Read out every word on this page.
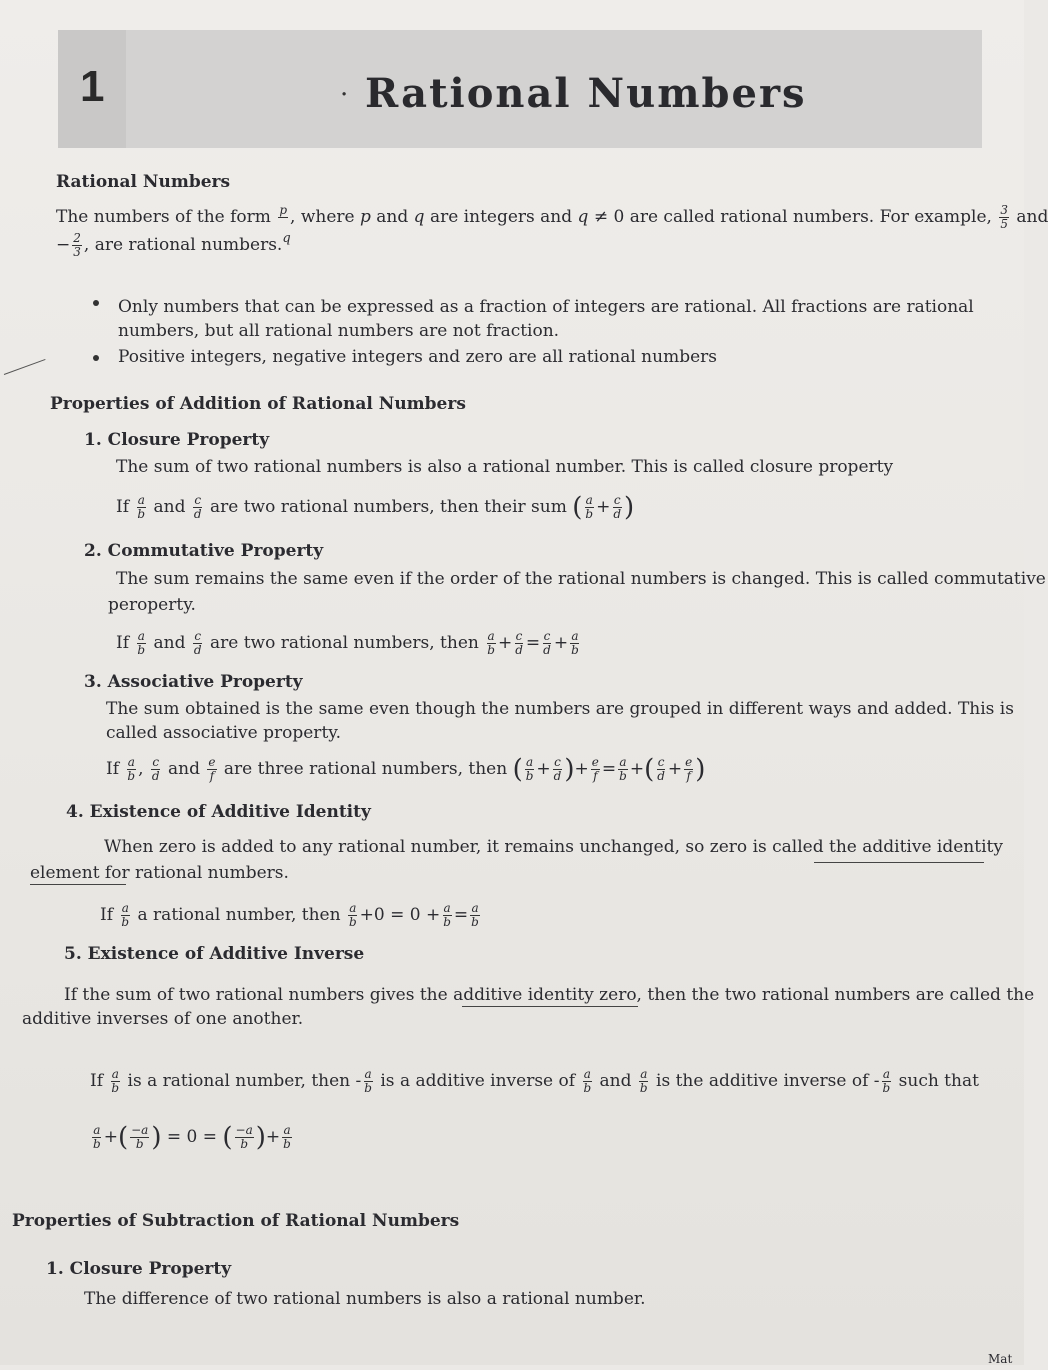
1	· Rational Numbers
Rational Numbers
The numbers of the form p
, where p and q are integers and q ≠ 0 are called rational numbers. For example, $\frac{3}{5}$ and
− $\frac{2}{3}$ , are rational numbers.$^q$
Only numbers that can be expressed as a fraction of integers are rational. All fractions are rational
numbers, but all rational numbers are not fraction.
Positive integers, negative integers and zero are all rational numbers
Properties of Addition of Rational Numbers
1. Closure Property
The sum of two rational numbers is also a rational number. This is called closure property
If $\frac{a}{b}$ and $\frac{c}{d}$ are two rational numbers, then their sum ( $\frac{a}{b} + \frac{c}{d}$ )
2. Commutative Property
The sum remains the same even if the order of the rational numbers is changed. This is called commutative
peroperty.
If $\frac{a}{b}$ and $\frac{c}{d}$ are two rational numbers, then $\frac{a}{b} + \frac{c}{d} = \frac{c}{d} + \frac{a}{b}$
3. Associative Property
The sum obtained is the same even though the numbers are grouped in different ways and added. This is
called associative property.
If $\frac{a}{b}$ , $\frac{c}{d}$ and $\frac{e}{f}$ are three rational numbers, then ( $\frac{a}{b} + \frac{c}{d}$ )+ $\frac{e}{f} = \frac{a}{b}$ +( $\frac{c}{d} + \frac{e}{f}$ )
4. Existence of Additive Identity
When zero is added to any rational number, it remains unchanged, so zero is called the additive identity
element for rational numbers.
If $\frac{a}{b}$ a rational number, then $\frac{a}{b} +0 = 0 + \frac{a}{b} = \frac{a}{b}$
5. Existence of Additive Inverse
If the sum of two rational numbers gives the additive identity zero, then the two rational numbers are called the
additive inverses of one another.
If $\frac{a}{b}$ is a rational number, then - $\frac{a}{b}$ is a additive inverse of $\frac{a}{b}$ and $\frac{a}{b}$ is the additive inverse of - $\frac{a}{b}$ such that
$\frac{a}{b}$ +( $\frac{-a}{b}$ ) = 0 = ( $\frac{-a}{b}$ )+ $\frac{a}{b}$
Properties of Subtraction of Rational Numbers
1. Closure Property
The difference of two rational numbers is also a rational number.
Mat
